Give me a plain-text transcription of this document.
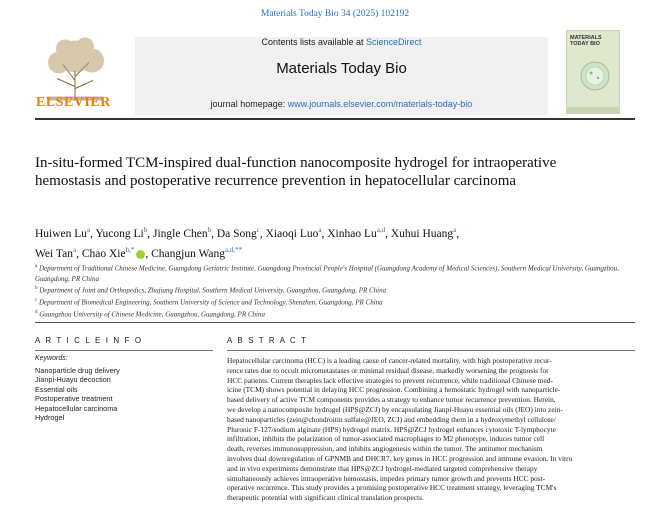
Materials Today Bio 34 (2025) 102192
ELSEVIER
Contents lists available at ScienceDirect
Materials Today Bio
journal homepage: www.journals.elsevier.com/materials-today-bio
MATERIALS TODAY BIO
In-situ-formed TCM-inspired dual-function nanocomposite hydrogel for intraoperative hemostasis and postoperative recurrence prevention in hepatocellular carcinoma
Huiwen Lu$^a$, Yucong Li$^b$, Jingle Chen$^b$, Da Song$^c$, Xiaoqi Luo$^a$, Xinhao Lu$^{a,d}$, Xuhui Huang$^a$,
Wei Tan$^a$, Chao Xie$^{b,*}$ , Changjun Wang$^{a,d,**}$
$^a$ Department of Traditional Chinese Medicine, Guangdong Geriatric Institute, Guangdong Provincial People's Hospital (Guangdong Academy of Medical Sciences), Southern Medical University, Guangzhou, Guangdong, PR China
$^b$ Department of Joint and Orthopedics, Zhujiang Hospital, Southern Medical University, Guangzhou, Guangdong, PR China
$^c$ Department of Biomedical Engineering, Southern University of Science and Technology, Shenzhen, Guangdong, PR China
$^d$ Guangzhou University of Chinese Medicine, Guangzhou, Guangdong, PR China
A R T I C L E I N F O	A B S T R A C T
Keywords:
Nanoparticle drug delivery
Jianpi-Huayu decoction
Essential oils
Postoperative treatment
Hepatocellular carcinoma
Hydrogel
Hepatocellular carcinoma (HCC) is a leading cause of cancer-related mortality, with high postoperative recur-
rence rates due to occult micrometastases or minimal residual disease, markedly worsening the prognosis for
HCC patients. Current therapies lack effective strategies to prevent recurrence, while traditional Chinese med-
icine (TCM) shows potential in delaying HCC progression. Combining a hemostatic hydrogel with nanoparticle-
based delivery of active TCM components provides a strategy to enhance tumor recurrence prevention. Herein,
we develop a nanocomposite hydrogel (HPS@ZCJ) by encapsulating Jianpi-Huayu essential oils (JEO) into zein-
based nanoparticles (zein@chondroitin sulfate@JEO, ZCJ) and embedding them in a hydroxymethyl cellulose/
Pluronic F-127/sodium alginate (HPS) hydrogel matrix. HPS@ZCJ hydrogel enhances cytotoxic T-lymphocyte
infiltration, inhibits the polarization of tumor-associated macrophages to M2 phenotype, induces tumor cell
death, reverses immunosuppression, and inhibits angiogenesis within the tumor. The antitumor mechanism
involves dual downregulation of GPNMB and DHCR7, key genes in HCC progression and immune evasion. In vitro
and in vivo experiments demonstrate that HPS@ZCJ hydrogel-mediated targeted comprehensive therapy
simultaneously achieves intraoperative hemostasis, impedes primary tumor growth and prevents HCC post-
operative recurrence. This study provides a promising postoperative HCC treatment strategy, leveraging TCM's
therapeutic potential with significant clinical translation prospects.
